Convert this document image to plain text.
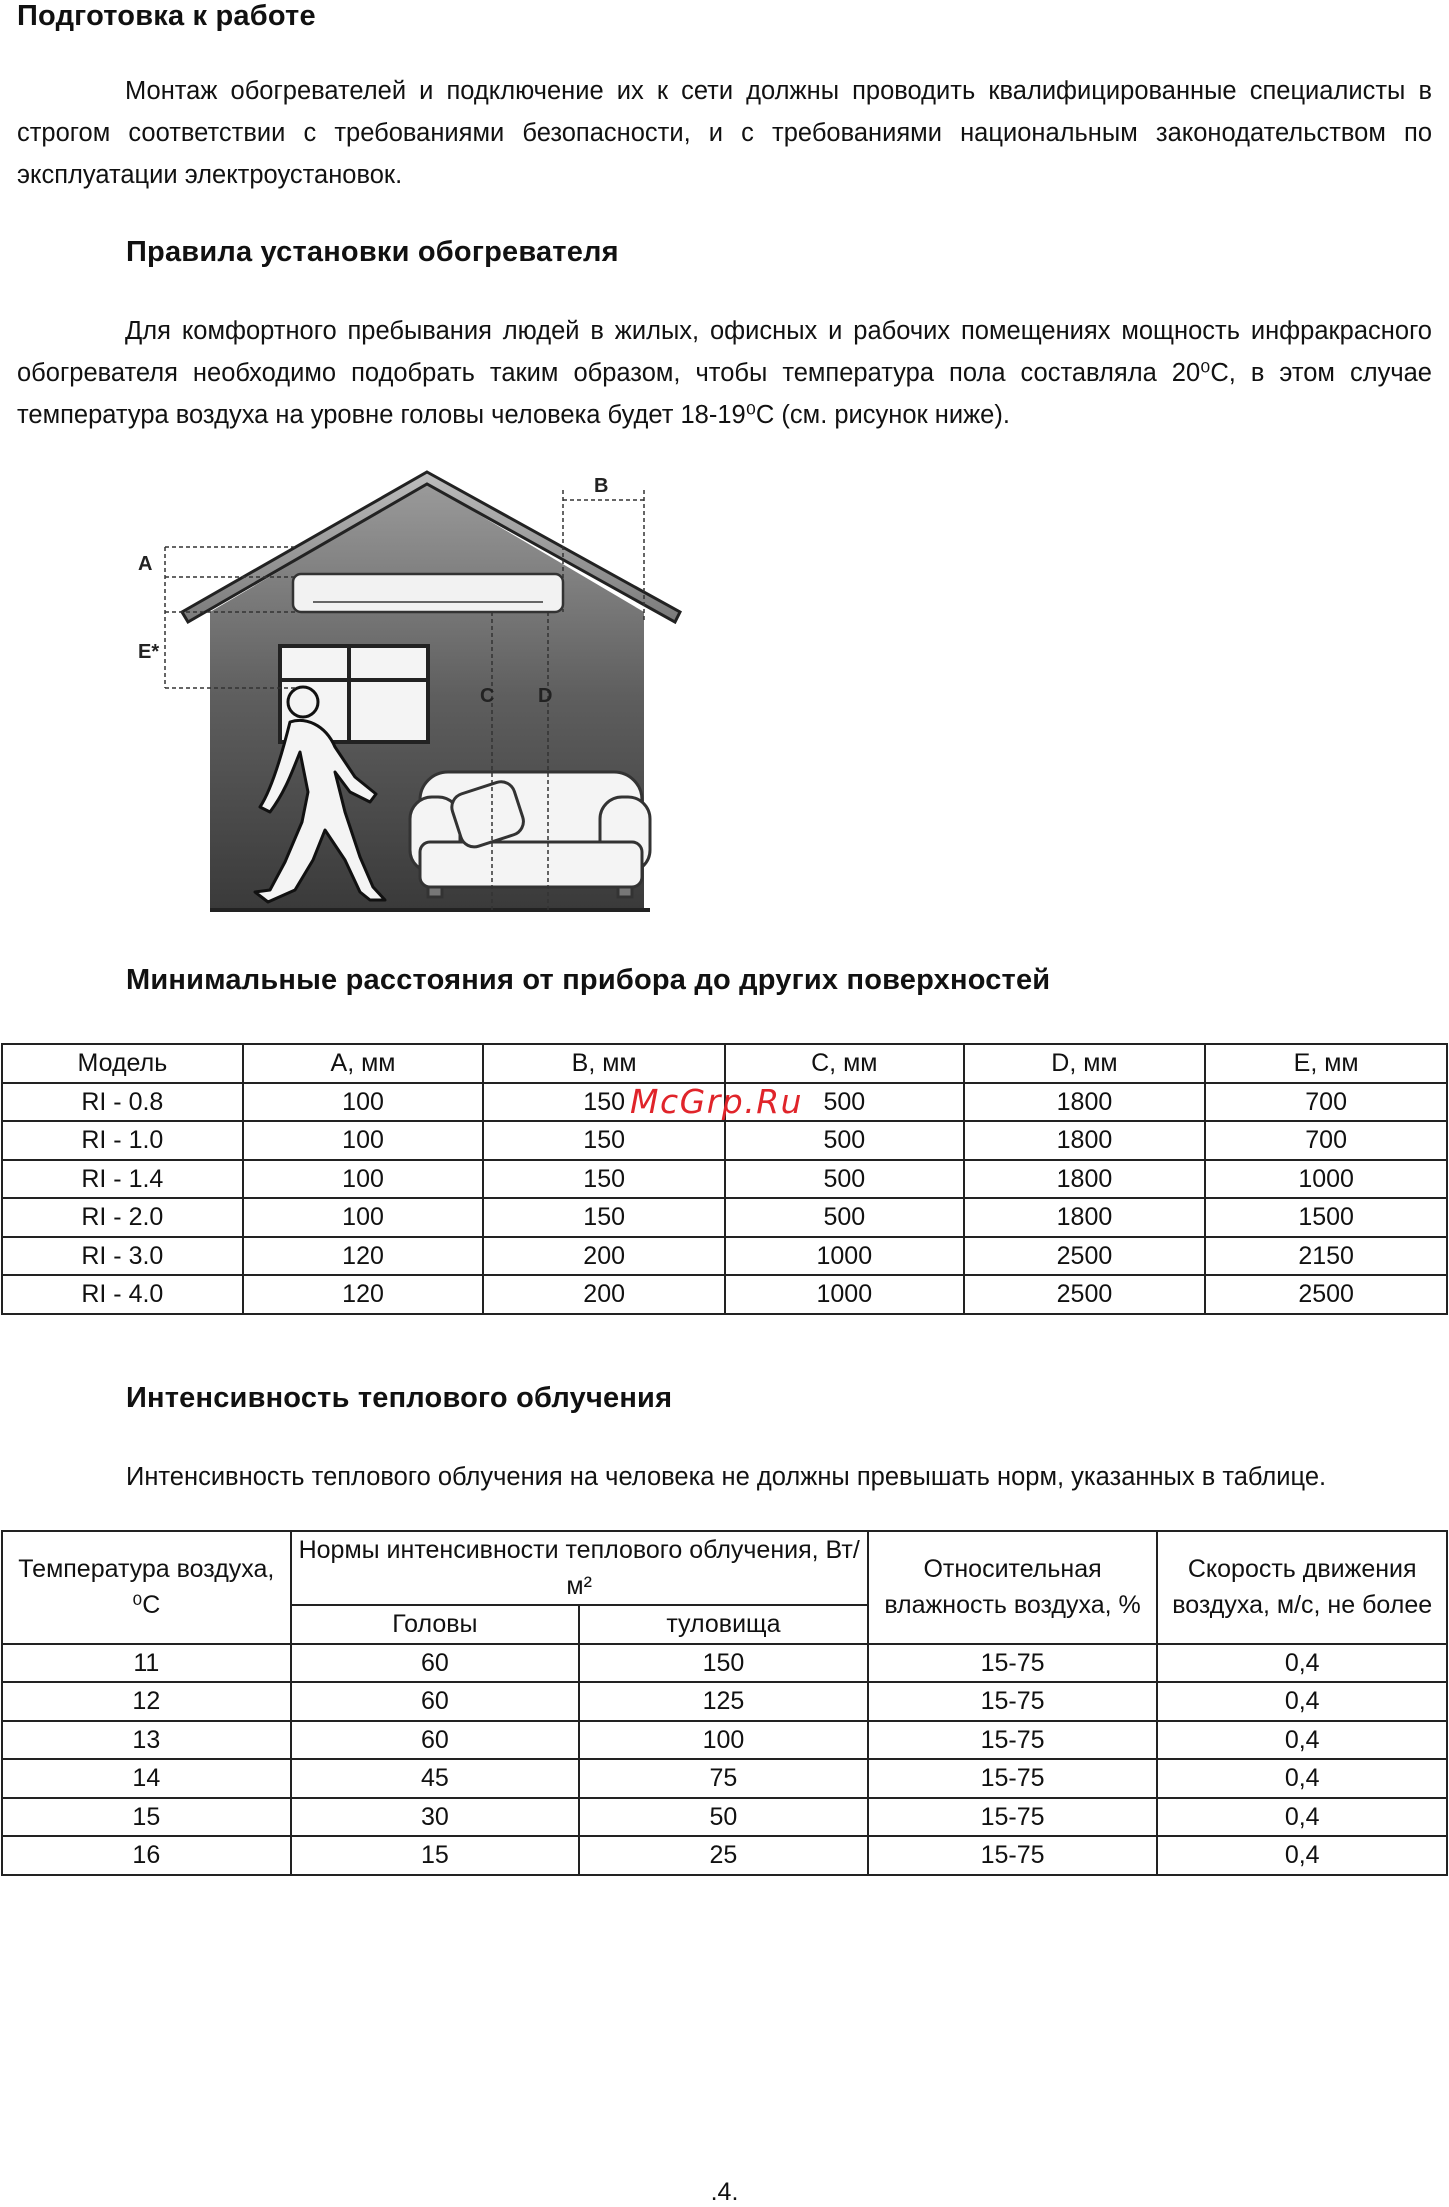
Подготовка к работе

Монтаж обогревателей и подключение их к сети должны проводить квалифицированные специалисты в строгом соответствии с требованиями безопасности, и с требованиями национальным законодательством по эксплуатации электроустановок.

Правила установки обогревателя

Для комфортного пребывания людей в жилых, офисных и рабочих помещениях мощность инфракрасного обогревателя необходимо подобрать таким образом, чтобы температура пола составляла 20⁰С, в этом случае температура воздуха на уровне головы человека будет 18-19⁰С (см. рисунок ниже).

A
B
C D
E*
Минимальные расстояния от прибора до других поверхностей
Модель	А, мм	В, мм	С, мм	D, мм	Е, мм
RI - 0.8	100	150	500	1800	700
RI - 1.0	100	150	500	1800	700
RI - 1.4	100	150	500	1800	1000
RI - 2.0	100	150	500	1800	1500
RI - 3.0	120	200	1000	2500	2150
RI - 4.0	120	200	1000	2500	2500
McGrp.Ru
Интенсивность теплового облучения

Интенсивность теплового облучения на человека не должны превышать норм, указанных в таблице.

Температура воздуха, ⁰С	Нормы интенсивности теплового облучения, Вт/м²		Относительная влажность воздуха, %	Скорость движения воздуха, м/с, не более
	Головы	туловища		
11	60	150	15-75	0,4
12	60	125	15-75	0,4
13	60	100	15-75	0,4
14	45	75	15-75	0,4
15	30	50	15-75	0,4
16	15	25	15-75	0,4
.4.
